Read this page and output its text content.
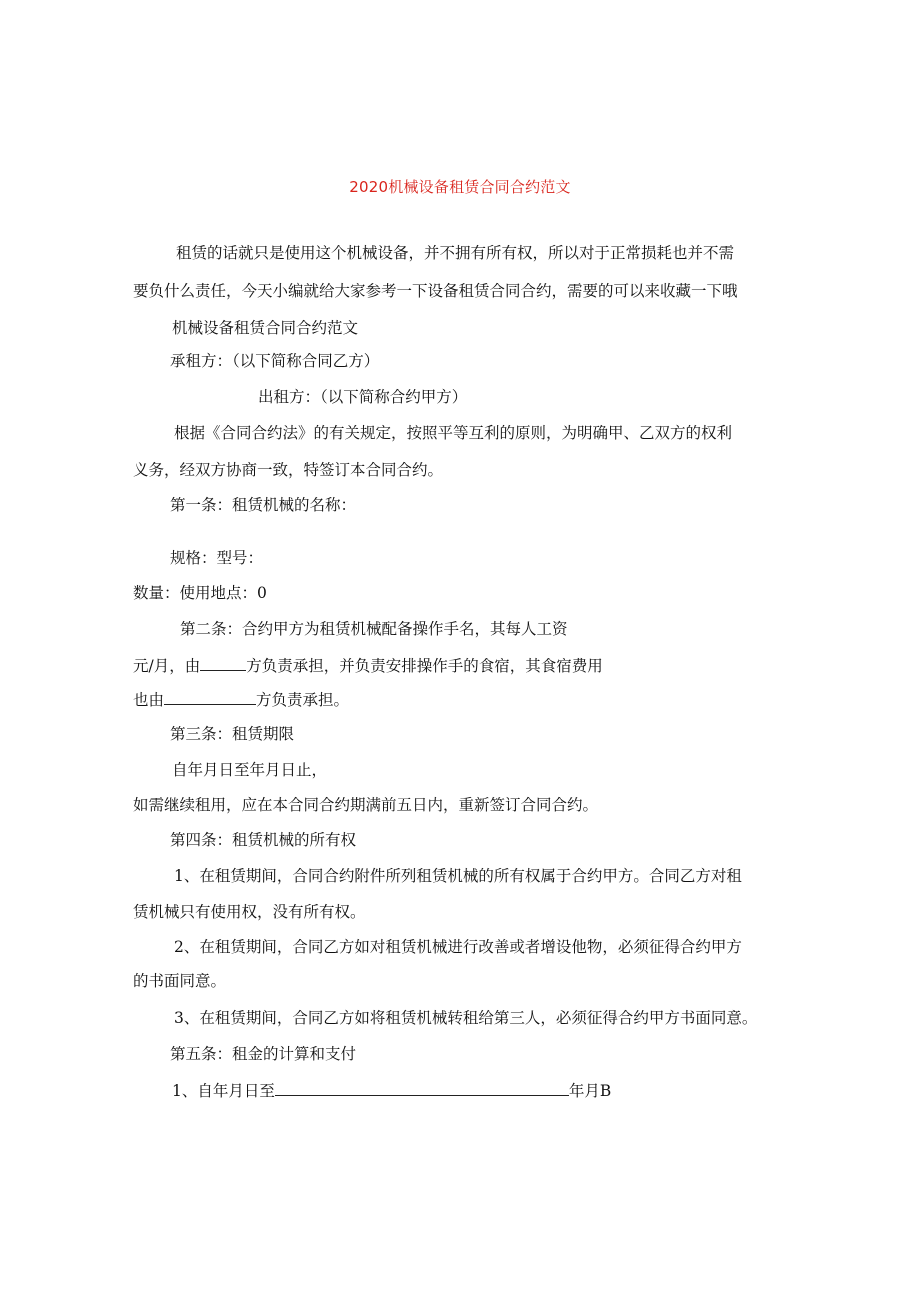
2020机械设备租赁合同合约范文
租赁的话就只是使用这个机械设备，并不拥有所有权，所以对于正常损耗也并不需
要负什么责任，今天小编就给大家参考一下设备租赁合同合约，需要的可以来收藏一下哦
机械设备租赁合同合约范文
承租方：（以下简称合同乙方）
出租方：（以下简称合约甲方）
根据《合同合约法》的有关规定，按照平等互利的原则，为明确甲、乙双方的权利
义务，经双方协商一致，特签订本合同合约。
第一条：租赁机械的名称：
规格：型号：
数量：使用地点：0
第二条：合约甲方为租赁机械配备操作手名，其每人工资
元/月，由	方负责承担，并负责安排操作手的食宿，其食宿费用
也由	方负责承担。
第三条：租赁期限
自年月日至年月日止，
如需继续租用，应在本合同合约期满前五日内，重新签订合同合约。
第四条：租赁机械的所有权
1、在租赁期间，合同合约附件所列租赁机械的所有权属于合约甲方。合同乙方对租
赁机械只有使用权，没有所有权。
2、在租赁期间，合同乙方如对租赁机械进行改善或者增设他物，必须征得合约甲方
的书面同意。
3、在租赁期间，合同乙方如将租赁机械转租给第三人，必须征得合约甲方书面同意。
第五条：租金的计算和支付
1、自年月日至	年月B
